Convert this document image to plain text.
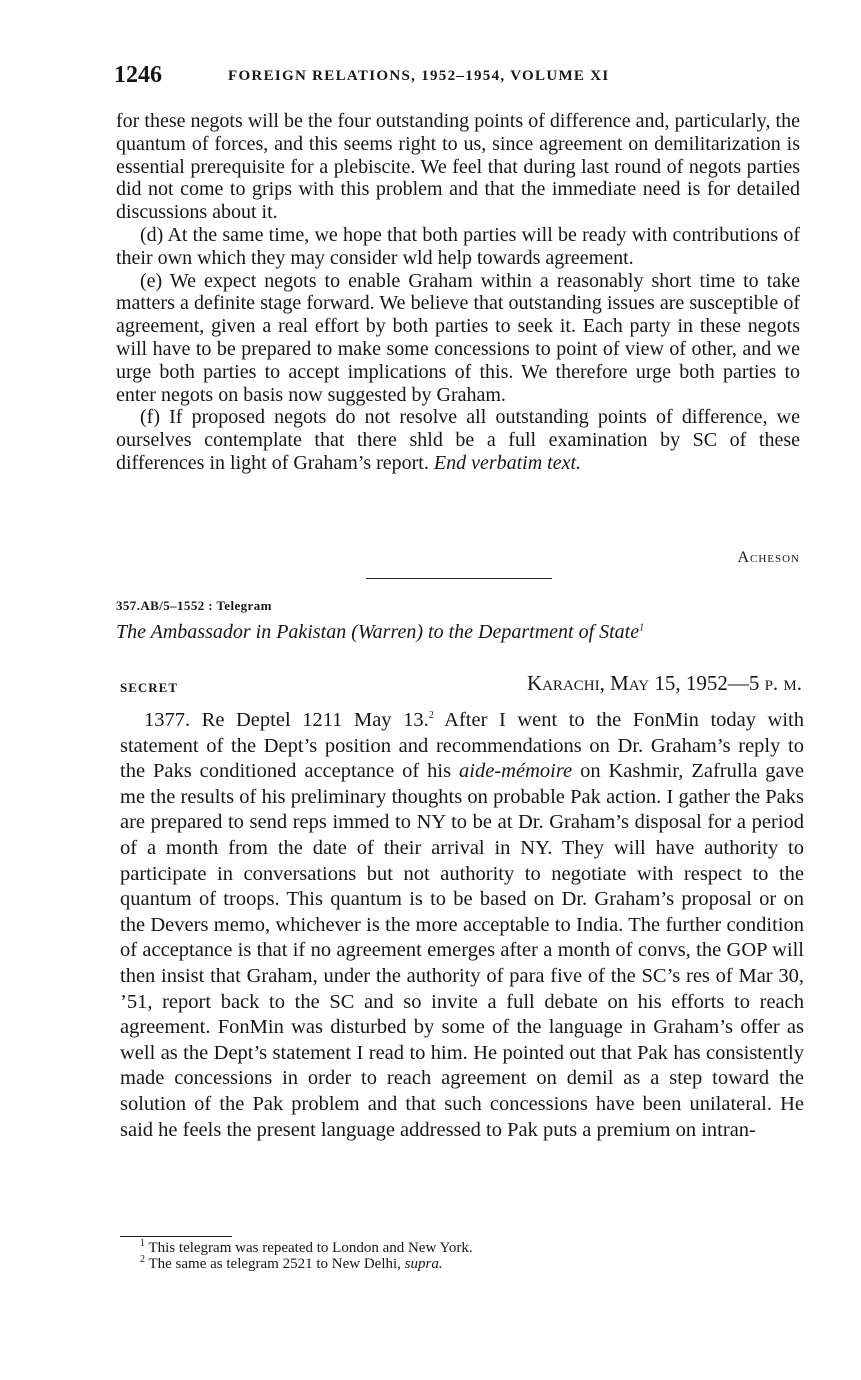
1246	FOREIGN RELATIONS, 1952–1954, VOLUME XI

for these negots will be the four outstanding points of difference and, particularly, the quantum of forces, and this seems right to us, since agreement on demilitarization is essential prerequisite for a plebiscite. We feel that during last round of negots parties did not come to grips with this problem and that the immediate need is for detailed discussions about it.

(d) At the same time, we hope that both parties will be ready with contributions of their own which they may consider wld help towards agreement.

(e) We expect negots to enable Graham within a reasonably short time to take matters a definite stage forward. We believe that outstanding issues are susceptible of agreement, given a real effort by both parties to seek it. Each party in these negots will have to be prepared to make some concessions to point of view of other, and we urge both parties to accept implications of this. We therefore urge both parties to enter negots on basis now suggested by Graham.

(f) If proposed negots do not resolve all outstanding points of difference, we ourselves contemplate that there shld be a full examination by SC of these differences in light of Graham’s report. End verbatim text.

Acheson
357.AB/5–1552 : Telegram
The Ambassador in Pakistan (Warren) to the Department of State$^1$
SECRET	Karachi, May 15, 1952—5 p. m.

1377. Re Deptel 1211 May 13.$^2$ After I went to the FonMin today with statement of the Dept’s position and recommendations on Dr. Graham’s reply to the Paks conditioned acceptance of his aide-mémoire on Kashmir, Zafrulla gave me the results of his preliminary thoughts on probable Pak action. I gather the Paks are prepared to send reps immed to NY to be at Dr. Graham’s disposal for a period of a month from the date of their arrival in NY. They will have authority to participate in conversations but not authority to negotiate with respect to the quantum of troops. This quantum is to be based on Dr. Graham’s proposal or on the Devers memo, whichever is the more acceptable to India. The further condition of acceptance is that if no agreement emerges after a month of convs, the GOP will then insist that Graham, under the authority of para five of the SC’s res of Mar 30, ’51, report back to the SC and so invite a full debate on his efforts to reach agreement. FonMin was disturbed by some of the language in Graham’s offer as well as the Dept’s statement I read to him. He pointed out that Pak has consistently made concessions in order to reach agreement on demil as a step toward the solution of the Pak problem and that such concessions have been unilateral. He said he feels the present language addressed to Pak puts a premium on intran-

$^1$ This telegram was repeated to London and New York.
$^2$ The same as telegram 2521 to New Delhi, supra.
